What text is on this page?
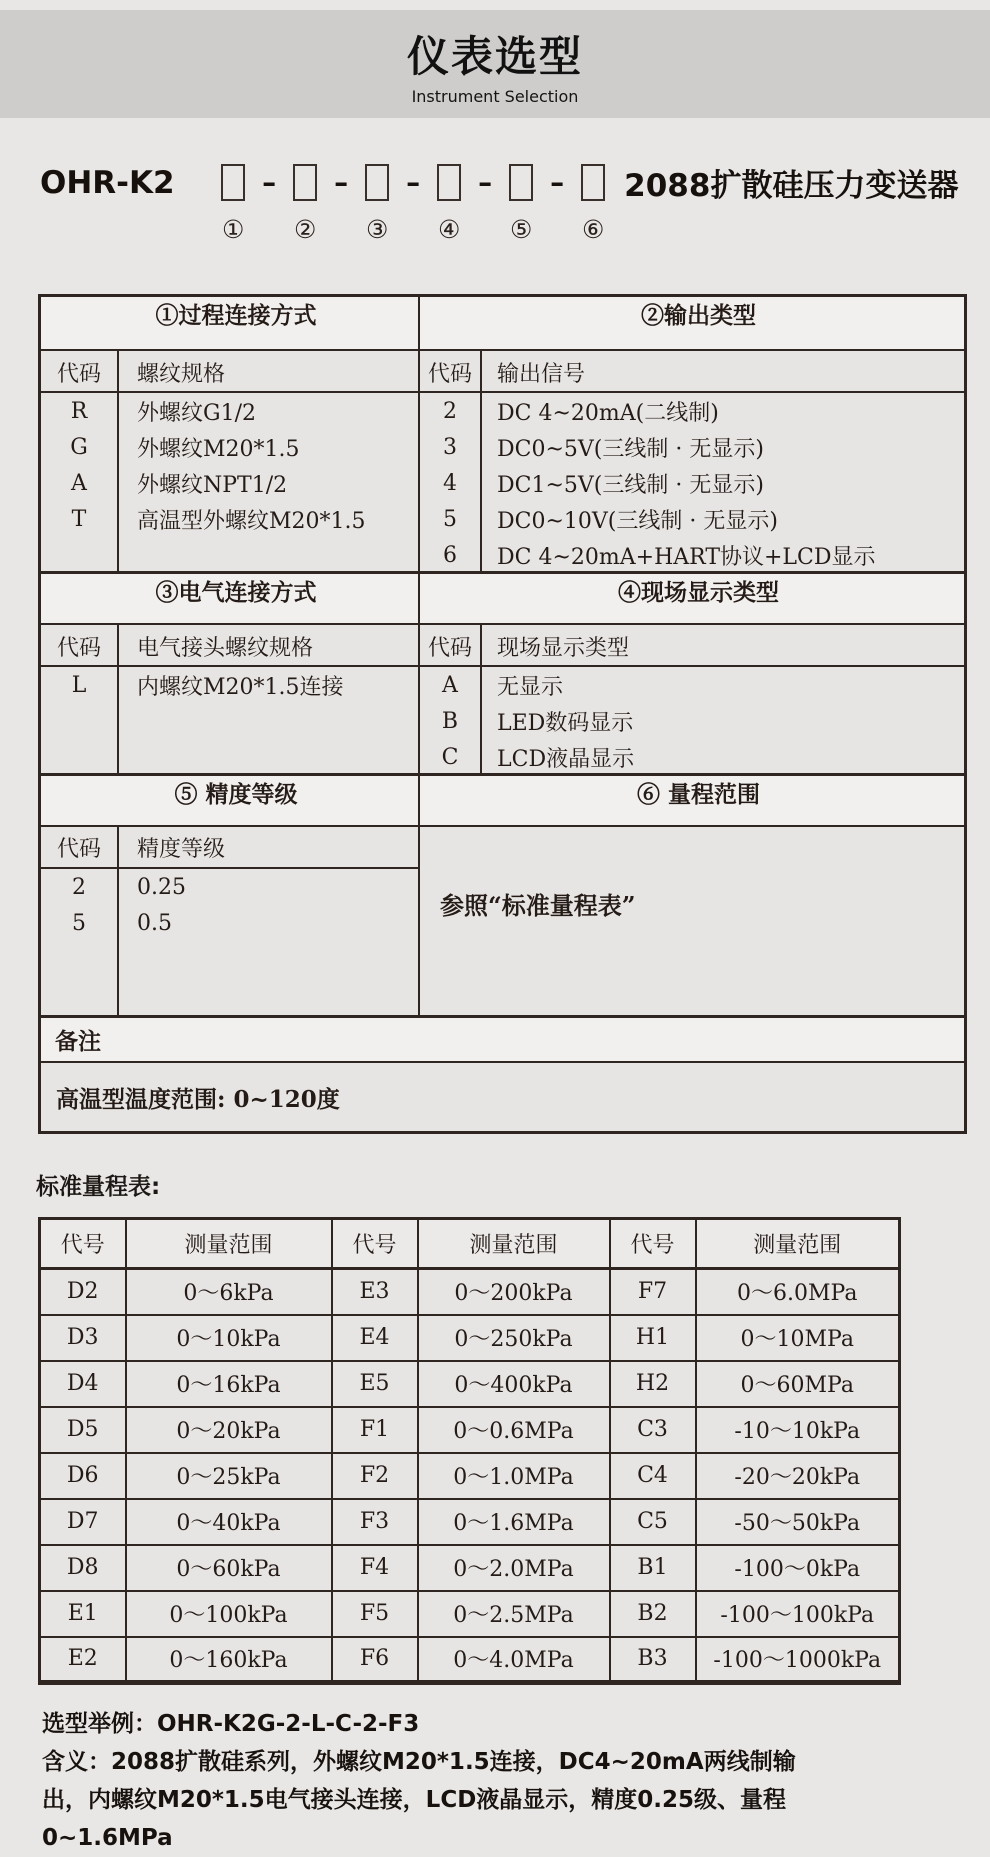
仪表选型
Instrument Selection
OHR-K2	– – – – – 2088扩散硅压力变送器
① ② ③ ④ ⑤ ⑥
①过程连接方式	②输出类型
代码	螺纹规格	代码	输出信号
R	外螺纹G1/2
G	外螺纹M20*1.5
A	外螺纹NPT1/2
T	高温型外螺纹M20*1.5
2	DC 4~20mA(二线制)
3	DC0~5V(三线制 · 无显示)
4	DC1~5V(三线制 · 无显示)
5	DC0~10V(三线制 · 无显示)
6	DC 4~20mA+HART协议+LCD显示
③电气连接方式	④现场显示类型
代码	电气接头螺纹规格	代码	现场显示类型
L	内螺纹M20*1.5连接	A	无显示
B	LED数码显示
C	LCD液晶显示
⑤ 精度等级	⑥ 量程范围
代码	精度等级
2	0.25
5	0.5
参照“标准量程表”
备注
高温型温度范围: 0~120度
标准量程表:
代号	测量范围	代号	测量范围	代号	测量范围
D2	0～6kPa	E3	0～200kPa	F7	0～6.0MPa
D3	0～10kPa	E4	0～250kPa	H1	0～10MPa
D4	0～16kPa	E5	0～400kPa	H2	0～60MPa
D5	0～20kPa	F1	0～0.6MPa	C3	-10～10kPa
D6	0～25kPa	F2	0～1.0MPa	C4	-20～20kPa
D7	0～40kPa	F3	0～1.6MPa	C5	-50～50kPa
D8	0～60kPa	F4	0～2.0MPa	B1	-100～0kPa
E1	0～100kPa	F5	0～2.5MPa	B2	-100～100kPa
E2	0～160kPa	F6	0～4.0MPa	B3	-100～1000kPa
选型举例：OHR-K2G-2-L-C-2-F3
含义：2088扩散硅系列，外螺纹M20*1.5连接，DC4~20mA两线制输
出，内螺纹M20*1.5电气接头连接，LCD液晶显示，精度0.25级、量程
0~1.6MPa
